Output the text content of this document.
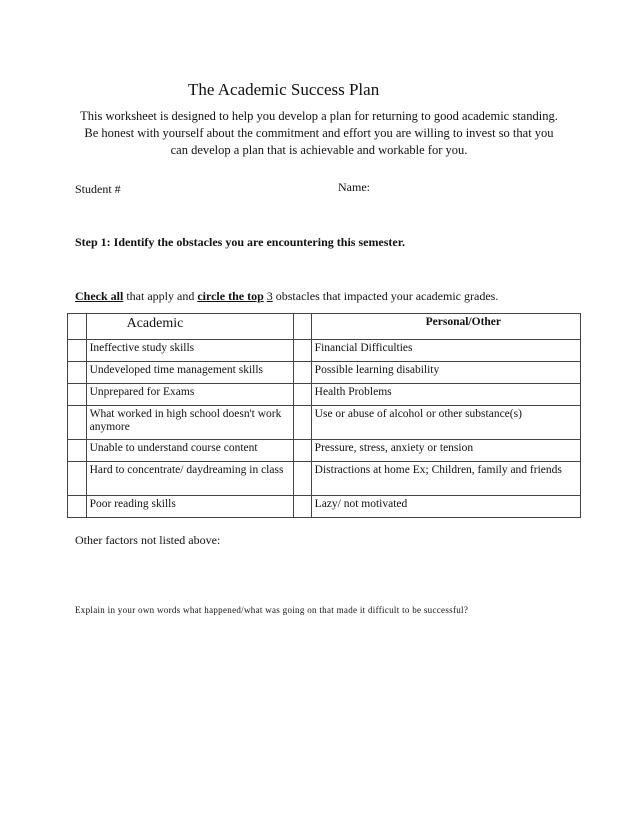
The Academic Success Plan
This worksheet is designed to help you develop a plan for returning to good academic standing.
Be honest with yourself about the commitment and effort you are willing to invest so that you
can develop a plan that is achievable and workable for you.
Student #	Name:
Step 1: Identify the obstacles you are encountering this semester.
Check all that apply and circle the top 3 obstacles that impacted your academic grades.
	Academic		Personal/Other
	Ineffective study skills		Financial Difficulties
	Undeveloped time management skills		Possible learning disability
	Unprepared for Exams		Health Problems
	What worked in high school doesn't work anymore		Use or abuse of alcohol or other substance(s)
	Unable to understand course content		Pressure, stress, anxiety or tension
	Hard to concentrate/ daydreaming in class		Distractions at home Ex; Children, family and friends
	Poor reading skills		Lazy/ not motivated
Other factors not listed above:
Explain in your own words what happened/what was going on that made it difficult to be successful?
